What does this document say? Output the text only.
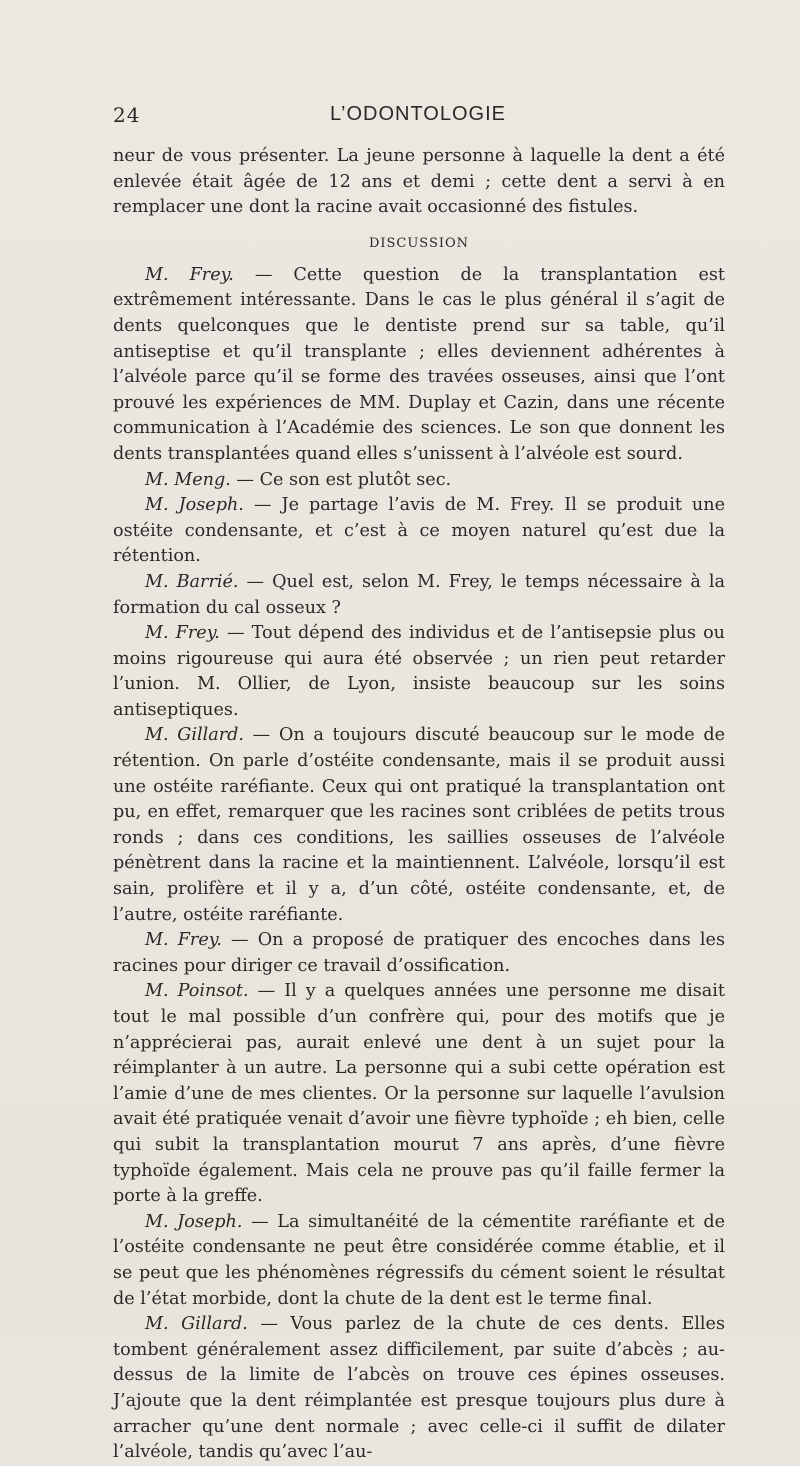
24	L’ODONTOLOGIE

neur de vous présenter. La jeune personne à laquelle la dent a été enlevée était âgée de 12 ans et demi ; cette dent a servi à en remplacer une dont la racine avait occasionné des fistules.

DISCUSSION

M. Frey. — Cette question de la transplantation est extrêmement intéressante. Dans le cas le plus général il s’agit de dents quelconques que le dentiste prend sur sa table, qu’il antiseptise et qu’il transplante ; elles deviennent adhérentes à l’alvéole parce qu’il se forme des travées osseuses, ainsi que l’ont prouvé les expériences de MM. Duplay et Cazin, dans une récente communication à l’Académie des sciences. Le son que donnent les dents transplantées quand elles s’unissent à l’alvéole est sourd.

M. Meng. — Ce son est plutôt sec.

M. Joseph. — Je partage l’avis de M. Frey. Il se produit une ostéite condensante, et c’est à ce moyen naturel qu’est due la rétention.

M. Barrié. — Quel est, selon M. Frey, le temps nécessaire à la formation du cal osseux ?

M. Frey. — Tout dépend des individus et de l’antisepsie plus ou moins rigoureuse qui aura été observée ; un rien peut retarder l’union. M. Ollier, de Lyon, insiste beaucoup sur les soins antiseptiques.

M. Gillard. — On a toujours discuté beaucoup sur le mode de rétention. On parle d’ostéite condensante, mais il se produit aussi une ostéite raréfiante. Ceux qui ont pratiqué la transplantation ont pu, en effet, remarquer que les racines sont criblées de petits trous ronds ; dans ces conditions, les saillies osseuses de l’alvéole pénètrent dans la racine et la maintiennent. L’alvéole, lorsqu’il est sain, prolifère et il y a, d’un côté, ostéite condensante, et, de l’autre, ostéite raréfiante.

M. Frey. — On a proposé de pratiquer des encoches dans les racines pour diriger ce travail d’ossification.

M. Poinsot. — Il y a quelques années une personne me disait tout le mal possible d’un confrère qui, pour des motifs que je n’apprécierai pas, aurait enlevé une dent à un sujet pour la réimplanter à un autre. La personne qui a subi cette opération est l’amie d’une de mes clientes. Or la personne sur laquelle l’avulsion avait été pratiquée venait d’avoir une fièvre typhoïde ; eh bien, celle qui subit la transplantation mourut 7 ans après, d’une fièvre typhoïde également. Mais cela ne prouve pas qu’il faille fermer la porte à la greffe.

M. Joseph. — La simultanéité de la cémentite raréfiante et de l’ostéite condensante ne peut être considérée comme établie, et il se peut que les phénomènes régressifs du cément soient le résultat de l’état morbide, dont la chute de la dent est le terme final.

M. Gillard. — Vous parlez de la chute de ces dents. Elles tombent généralement assez difficilement, par suite d’abcès ; au-dessus de la limite de l’abcès on trouve ces épines osseuses. J’ajoute que la dent réimplantée est presque toujours plus dure à arracher qu’une dent normale ; avec celle-ci il suffit de dilater l’alvéole, tandis qu’avec l’au-
